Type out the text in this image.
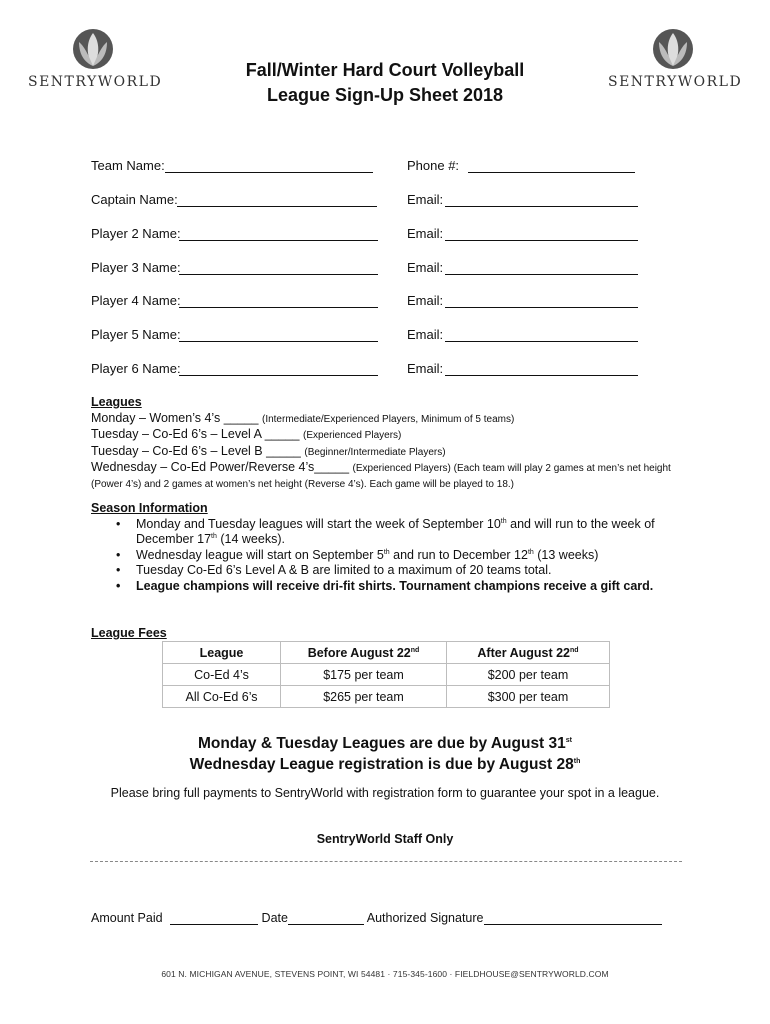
SENTRYWORLD	SENTRYWORLD
Fall/Winter Hard Court Volleyball
League Sign-Up Sheet 2018
Team Name:	Phone #:
Captain Name:	Email:
Player 2 Name:	Email:
Player 3 Name:	Email:
Player 4 Name:	Email:
Player 5 Name:	Email:
Player 6 Name:	Email:
Leagues
Monday – Women’s 4’s _____ (Intermediate/Experienced Players, Minimum of 5 teams)
Tuesday – Co-Ed 6’s – Level A _____ (Experienced Players)
Tuesday – Co-Ed 6’s – Level B _____ (Beginner/Intermediate Players)
Wednesday – Co-Ed Power/Reverse 4’s_____ (Experienced Players) (Each team will play 2 games at men’s net height (Power 4’s) and 2 games at women’s net height (Reverse 4’s). Each game will be played to 18.)
Season Information
• Monday and Tuesday leagues will start the week of September 10th and will run to the week of December 17th (14 weeks).
• Wednesday league will start on September 5th and run to December 12th (13 weeks)
• Tuesday Co-Ed 6’s Level A & B are limited to a maximum of 20 teams total.
• League champions will receive dri-fit shirts. Tournament champions receive a gift card.
League Fees
League	Before August 22nd	After August 22nd
Co-Ed 4’s	$175 per team	$200 per team
All Co-Ed 6’s	$265 per team	$300 per team
Monday & Tuesday Leagues are due by August 31st
Wednesday League registration is due by August 28th
Please bring full payments to SentryWorld with registration form to guarantee your spot in a league.
SentryWorld Staff Only
Amount Paid	Date	Authorized Signature
601 N. MICHIGAN AVENUE, STEVENS POINT, WI 54481 · 715-345-1600 · FIELDHOUSE@SENTRYWORLD.COM
